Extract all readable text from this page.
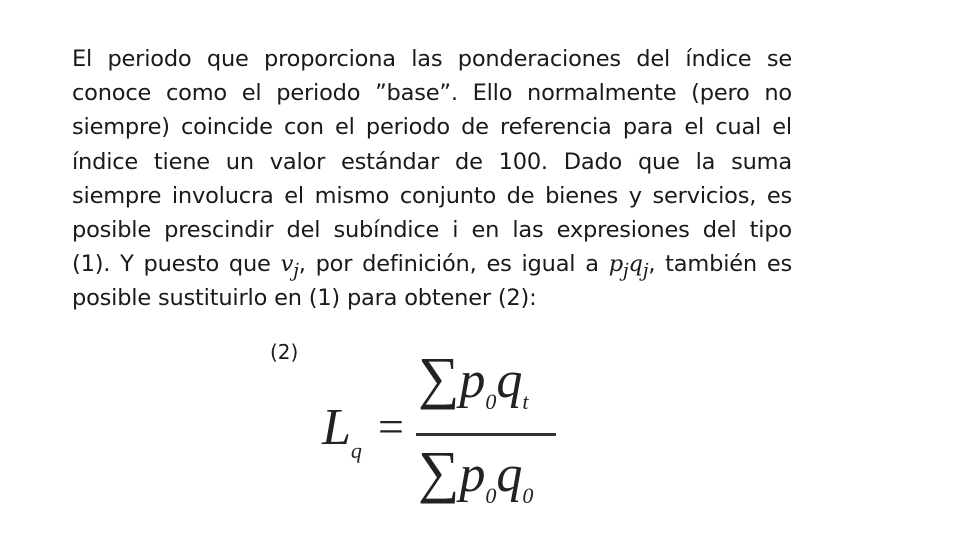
El periodo que proporciona las ponderaciones del índice se
conoce como el periodo ”base”. Ello normalmente (pero no
siempre) coincide con el periodo de referencia para el cual el
índice tiene un valor estándar de 100. Dado que la suma
siempre involucra el mismo conjunto de bienes y servicios, es
posible prescindir del subíndice i en las expresiones del tipo
(1). Y puesto que $v_j$, por definición, es igual a $p_jq_j$, también es
posible sustituirlo en (1) para obtener (2):
(2)
$L_q$ =
$\sum p_0q_t$
$\sum p_0q_0$
